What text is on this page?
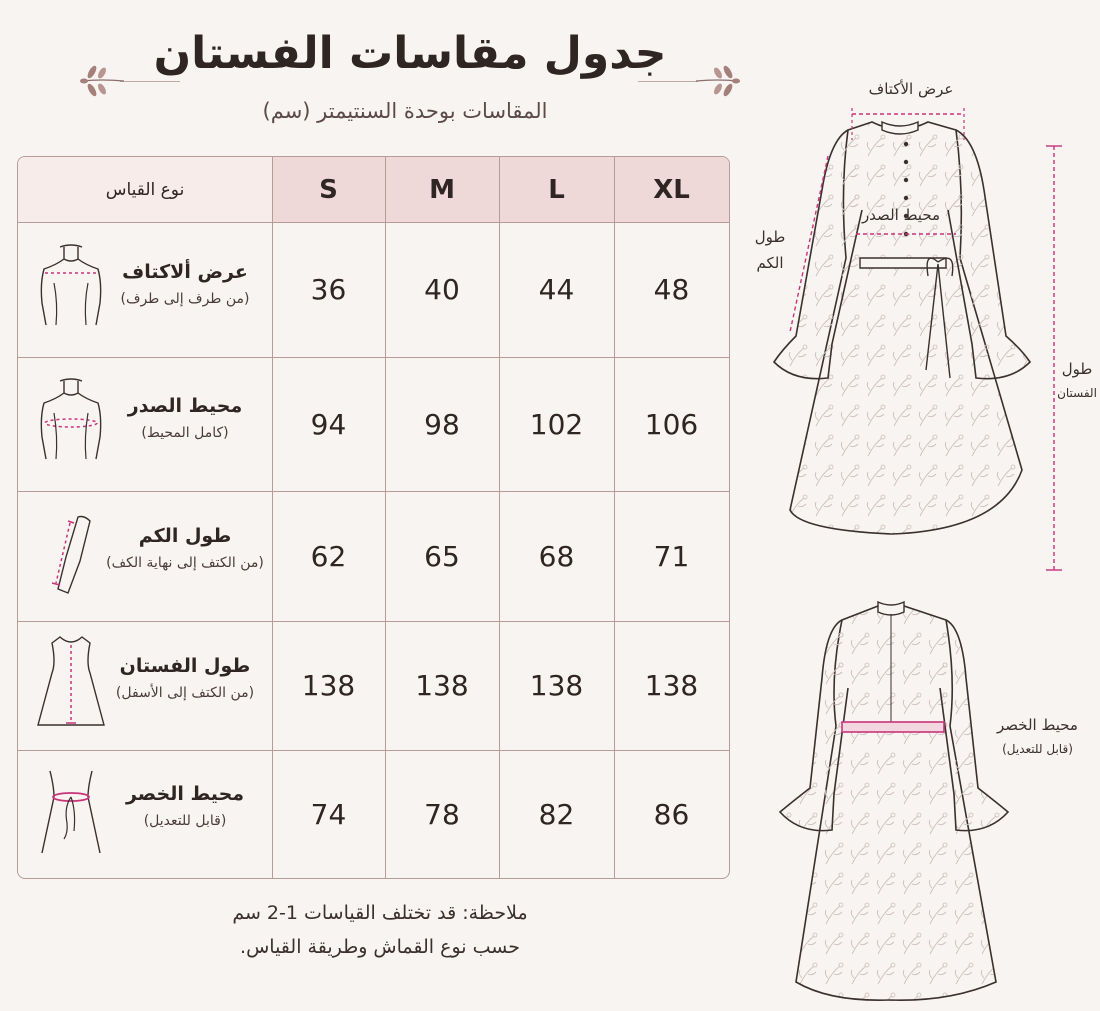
جدول مقاسات الفستان
المقاسات بوحدة السنتيمتر (سم)
نوع القياس	S	M	L	XL
عرض ألاكتاف
(من طرف إلى طرف)	36	40	44	48
محيط الصدر
(كامل المحيط)	94	98	102	106
طول الكم
(من الكتف إلى نهاية الكف)	62	65	68	71
طول الفستان
(من الكتف إلى الأسفل)	138	138	138	138
محيط الخصر
(قابل للتعديل)	74	78	82	86
ملاحظة: قد تختلف القياسات 1-2 سم
حسب نوع القماش وطريقة القياس.
عرض الأكتاف
محيط الصدر
طول
الكم
طول
الفستان
محيط الخصر
(قابل للتعديل)
